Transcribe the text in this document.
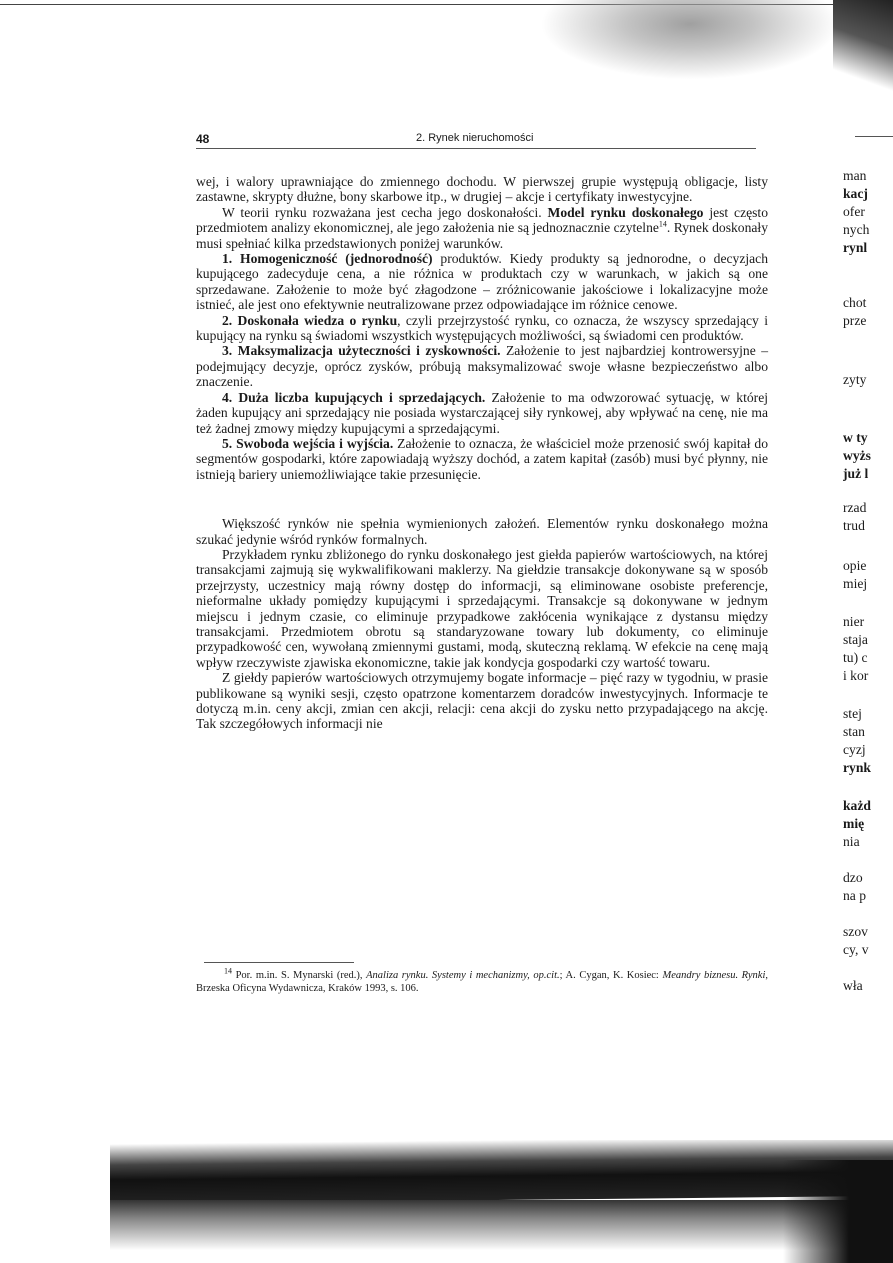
48	2. Rynek nieruchomości

wej, i walory uprawniające do zmiennego dochodu. W pierwszej grupie występują obligacje, listy zastawne, skrypty dłużne, bony skarbowe itp., w drugiej – akcje i certyfikaty inwestycyjne.

W teorii rynku rozważana jest cecha jego doskonałości. Model rynku doskonałego jest często przedmiotem analizy ekonomicznej, ale jego założenia nie są jednoznacznie czytelne$^{14}$. Rynek doskonały musi spełniać kilka przedstawionych poniżej warunków.

1. Homogeniczność (jednorodność) produktów. Kiedy produkty są jednorodne, o decyzjach kupującego zadecyduje cena, a nie różnica w produktach czy w warunkach, w jakich są one sprzedawane. Założenie to może być złagodzone – zróżnicowanie jakościowe i lokalizacyjne może istnieć, ale jest ono efektywnie neutralizowane przez odpowiadające im różnice cenowe.

2. Doskonała wiedza o rynku, czyli przejrzystość rynku, co oznacza, że wszyscy sprzedający i kupujący na rynku są świadomi wszystkich występujących możliwości, są świadomi cen produktów.

3. Maksymalizacja użyteczności i zyskowności. Założenie to jest najbardziej kontrowersyjne – podejmujący decyzje, oprócz zysków, próbują maksymalizować swoje własne bezpieczeństwo albo znaczenie.

4. Duża liczba kupujących i sprzedających. Założenie to ma odwzorować sytuację, w której żaden kupujący ani sprzedający nie posiada wystarczającej siły rynkowej, aby wpływać na cenę, nie ma też żadnej zmowy między kupującymi a sprzedającymi.

5. Swoboda wejścia i wyjścia. Założenie to oznacza, że właściciel może przenosić swój kapitał do segmentów gospodarki, które zapowiadają wyższy dochód, a zatem kapitał (zasób) musi być płynny, nie istnieją bariery uniemożliwiające takie przesunięcie.

Większość rynków nie spełnia wymienionych założeń. Elementów rynku doskonałego można szukać jedynie wśród rynków formalnych.

Przykładem rynku zbliżonego do rynku doskonałego jest giełda papierów wartościowych, na której transakcjami zajmują się wykwalifikowani maklerzy. Na giełdzie transakcje dokonywane są w sposób przejrzysty, uczestnicy mają równy dostęp do informacji, są eliminowane osobiste preferencje, nieformalne układy pomiędzy kupującymi i sprzedającymi. Transakcje są dokonywane w jednym miejscu i jednym czasie, co eliminuje przypadkowe zakłócenia wynikające z dystansu między transakcjami. Przedmiotem obrotu są standaryzowane towary lub dokumenty, co eliminuje przypadkowość cen, wywołaną zmiennymi gustami, modą, skuteczną reklamą. W efekcie na cenę mają wpływ rzeczywiste zjawiska ekonomiczne, takie jak kondycja gospodarki czy wartość towaru.

Z giełdy papierów wartościowych otrzymujemy bogate informacje – pięć razy w tygodniu, w prasie publikowane są wyniki sesji, często opatrzone komentarzem doradców inwestycyjnych. Informacje te dotyczą m.in. ceny akcji, zmian cen akcji, relacji: cena akcji do zysku netto przypadającego na akcję. Tak szczegółowych informacji nie

$^{14}$ Por. m.in. S. Mynarski (red.), Analiza rynku. Systemy i mechanizmy, op.cit.; A. Cygan, K. Kosiec: Meandry biznesu. Rynki, Brzeska Oficyna Wydawnicza, Kraków 1993, s. 106.
man
kacj
ofer
nych
rynl
chot
prze
zyty
w ty
wyżs
już l
rzad
trud
opie
miej
nier
staja
tu) c
i kor
stej
stan
cyzj
rynk
każd
mię
nia
dzo
na p
szov
cy, v
wła
